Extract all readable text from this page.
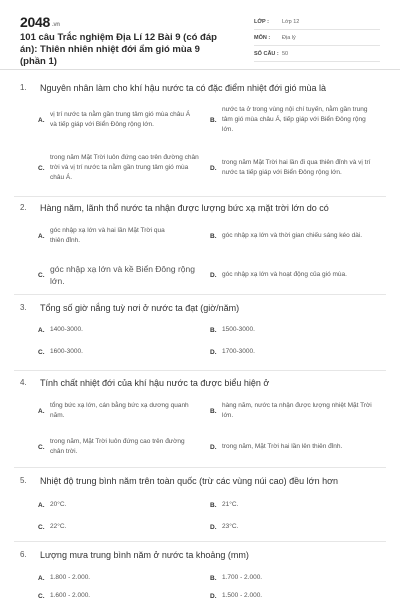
2048 .vn
101 câu Trắc nghiệm Địa Lí 12 Bài 9 (có đáp án): Thiên nhiên nhiệt đới ẩm gió mùa 9 (phần 1)
LỚP :	Lớp 12
MÔN :	Địa lý
SỐ CÂU : 50
1.	Nguyên nhân làm cho khí hậu nước ta có đặc điểm nhiệt đới gió mùa là
A.
vị trí nước ta nằm gần trung tâm gió mùa châu Á và tiếp giáp với Biển Đông rộng lớn.
B.
nước ta ở trong vùng nội chí tuyến, nằm gần trung tâm gió mùa châu Á, tiếp giáp với Biển Đông rộng lớn.
C.
trong năm Mặt Trời luôn đứng cao trên đường chân trời và vị trí nước ta nằm gần trung tâm gió mùa châu Á.
D.
trong năm Mặt Trời hai lần đi qua thiên đỉnh và vị trí nước ta tiếp giáp với Biển Đông rộng lớn.
2.	Hàng năm, lãnh thổ nước ta nhận được lượng bức xạ mặt trời lớn do có
A.
góc nhập xạ lớn và hai lần Mặt Trời qua thiên đỉnh.
B. góc nhập xạ lớn và thời gian chiếu sáng kéo dài.
C.
góc nhập xạ lớn và kề Biển Đông rộng lớn.
D. góc nhập xạ lớn và hoạt động của gió mùa.
3.	Tổng số giờ nắng tuỳ nơi ở nước ta đạt (giờ/năm)
A. 1400-3000.	B. 1500-3000.
C. 1600-3000.	D. 1700-3000.
4.	Tính chất nhiệt đới của khí hậu nước ta được biểu hiện ở
A.
tổng bức xạ lớn, cán bằng bức xạ dương quanh năm.
B.
hàng năm, nước ta nhận được lượng nhiệt Mặt Trời lớn.
C.
trong năm, Mặt Trời luôn đứng cao trên đường chân trời.
D. trong năm, Mặt Trời hai lần lên thiên đỉnh.
5.	Nhiệt độ trung bình năm trên toàn quốc (trừ các vùng núi cao) đều lớn hơn
A. 20°C.	B. 21°C.
C. 22°C.	D. 23°C.
6.	Lượng mưa trung bình năm ở nước ta khoảng (mm)
A. 1.800 - 2.000.	B. 1.700 - 2.000.
C. 1.600 - 2.000.	D. 1.500 - 2.000.
